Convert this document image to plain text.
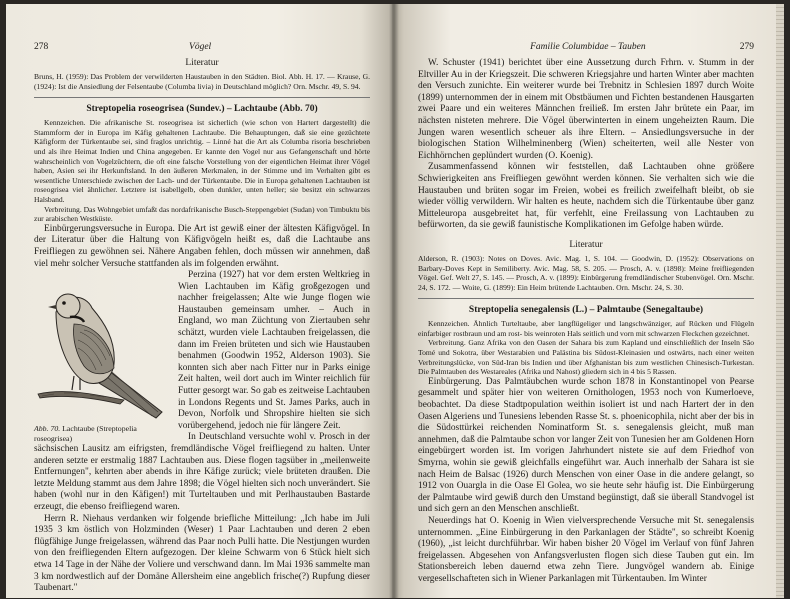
278	Vögel
Literatur

Bruns, H. (1959): Das Problem der verwilderten Haustauben in den Städten. Biol. Abh. H. 17. — Krause, G. (1924): Ist die Ansiedlung der Felsentaube (Columba livia) in Deutschland möglich? Orn. Mschr. 49, S. 94.

Streptopelia roseogrisea (Sundev.) – Lachtaube (Abb. 70)

Kennzeichen. Die afrikanische St. roseogrisea ist sicherlich (wie schon von Hartert dargestellt) die Stammform der in Europa im Käfig gehaltenen Lachtaube. Die Behauptungen, daß sie eine gezüchtete Käfigform der Türkentaube sei, sind fraglos unrichtig. – Linné hat die Art als Columba risoria beschrieben und als ihre Heimat Indien und China angegeben. Er kannte den Vogel nur aus Gefangenschaft und hörte wahrscheinlich von Vogelzüchtern, die oft eine falsche Vorstellung von der eigentlichen Heimat ihrer Vögel haben, Asien sei ihr Herkunftsland. In den äußeren Merkmalen, in der Stimme und im Verhalten gibt es wesentliche Unterschiede zwischen der Lach- und der Türkentaube. Die in Europa gehaltenen Lachtauben ist roseogrisea viel ähnlicher. Letztere ist isabellgelb, oben dunkler, unten heller; sie besitzt ein schwarzes Halsband.

Verbreitung. Das Wohngebiet umfaßt das nordafrikanische Busch-Steppengebiet (Sudan) von Timbuktu bis zur arabischen Westküste.

Einbürgerungsversuche in Europa. Die Art ist gewiß einer der ältesten Käfigvögel. In der Literatur über die Haltung von Käfigvögeln heißt es, daß die Lachtaube ans Freifliegen zu gewöhnen sei. Nähere Angaben fehlen, doch müssen wir annehmen, daß viel mehr solcher Versuche stattfanden als im folgenden erwähnt.

Abb. 70. Lachtaube (Streptopelia roseogrisea)

Perzina (1927) hat vor dem ersten Weltkrieg in Wien Lachtauben im Käfig großgezogen und nachher freigelassen; Alte wie Junge flogen wie Haustauben gemeinsam umher. – Auch in England, wo man Züchtung von Ziertauben sehr schätzt, wurden viele Lachtauben freigelassen, die dann im Freien brüteten und sich wie Haustauben benahmen (Goodwin 1952, Alderson 1903). Sie konnten sich aber nach Fitter nur in Parks einige Zeit halten, weil dort auch im Winter reichlich für Futter gesorgt war. So gab es zeitweise Lachtauben in Londons Regents und St. James Parks, auch in Devon, Norfolk und Shropshire hielten sie sich vorübergehend, jedoch nie für längere Zeit.

In Deutschland versuchte wohl v. Prosch in der sächsischen Lausitz am eifrigsten, fremdländische Vögel freifliegend zu halten. Unter anderen setzte er erstmalig 1887 Lachtauben aus. Diese flogen tagsüber in „meilenweite Entfernungen", kehrten aber abends in ihre Käfige zurück; viele brüteten draußen. Die letzte Meldung stammt aus dem Jahre 1898; die Vögel hielten sich noch unverändert. Sie haben (wohl nur in den Käfigen!) mit Turteltauben und mit Perlhaustauben Bastarde erzeugt, die ebenso freifliegend waren.

Herrn R. Niehaus verdanken wir folgende briefliche Mitteilung: „Ich habe im Juli 1935 3 km östlich von Holzminden (Weser) 1 Paar Lachtauben und deren 2 eben flügfähige Junge freigelassen, während das Paar noch Pulli hatte. Die Nestjungen wurden von den freifliegenden Eltern aufgezogen. Der kleine Schwarm von 6 Stück hielt sich etwa 14 Tage in der Nähe der Voliere und verschwand dann. Im Mai 1936 sammelte man 3 km nordwestlich auf der Domäne Allersheim eine angeblich frische(?) Rupfung dieser Taubenart."

Familie Columbidae – Tauben	279

W. Schuster (1941) berichtet über eine Aussetzung durch Frhrn. v. Stumm in der Eltviller Au in der Kriegszeit. Die schweren Kriegsjahre und harten Winter aber machten den Versuch zunichte. Ein weiterer wurde bei Trebnitz in Schlesien 1897 durch Woite (1899) unternommen der in einem mit Obstbäumen und Fichten bestandenen Hausgarten zwei Paare und ein weiteres Männchen freiließ. Im ersten Jahr brütete ein Paar, im nächsten nisteten mehrere. Die Vögel überwinterten in einem ungeheizten Raum. Die Jungen waren wesentlich scheuer als ihre Eltern. – Ansiedlungsversuche in der biologischen Station Wilhelminenberg (Wien) scheiterten, weil alle Nester von Eichhörnchen geplündert wurden (O. Koenig).

Zusammenfassend können wir feststellen, daß Lachtauben ohne größere Schwierigkeiten ans Freifliegen gewöhnt werden können. Sie verhalten sich wie die Haustauben und brüten sogar im Freien, wobei es freilich zweifelhaft bleibt, ob sie wieder völlig verwildern. Wir halten es heute, nachdem sich die Türkentaube über ganz Mitteleuropa ausgebreitet hat, für verfehlt, eine Freilassung von Lachtauben zu befürworten, da sie gewiß faunistische Komplikationen im Gefolge haben würde.

Literatur

Alderson, R. (1903): Notes on Doves. Avic. Mag. 1, S. 104. — Goodwin, D. (1952): Observations on Barbary-Doves Kept in Semiliberty. Avic. Mag. 58, S. 205. — Prosch, A. v. (1898): Meine freifliegenden Vögel. Gef. Welt 27, S. 145. — Prosch, A. v. (1899): Einbürgerung fremdländischer Stubenvögel. Orn. Mschr. 24, S. 172. — Woite, G. (1899): Ein Heim brütende Lachtauben. Orn. Mschr. 24, S. 30.

Streptopelia senegalensis (L.) – Palmtaube (Senegaltaube)

Kennzeichen. Ähnlich Turteltaube, aber langflügeliger und langschwänziger, auf Rücken und Flügeln einfarbiger rostbraun und am rost- bis weinroten Hals seitlich und vorn mit schwarzen Fleckchen gezeichnet.

Verbreitung. Ganz Afrika von den Oasen der Sahara bis zum Kapland und einschließlich der Inseln São Tomé und Sokotra, über Westarabien und Palästina bis Südost-Kleinasien und ostwärts, nach einer weiten Verbreitungslücke, von Süd-Iran bis Indien und über Afghanistan bis zum westlichen Chinesisch-Turkestan. Die Palmtauben des Westareales (Afrika und Nahost) gliedern sich in 4 bis 5 Rassen.

Einbürgerung. Das Palmtäubchen wurde schon 1878 in Konstantinopel von Pearse gesammelt und später hier von weiteren Ornithologen, 1953 noch von Kumerloeve, beobachtet. Da diese Stadtpopulation weithin isoliert ist und nach Hartert der in den Oasen Algeriens und Tunesiens lebenden Rasse St. s. phoenicophila, nicht aber der bis in die Südosttürkei reichenden Nominatform St. s. senegalensis gleicht, muß man annehmen, daß die Palmtaube schon vor langer Zeit von Tunesien her am Goldenen Horn eingebürgert worden ist. Im vorigen Jahrhundert nistete sie auf dem Friedhof von Smyrna, wohin sie gewiß gleichfalls eingeführt war. Auch innerhalb der Sahara ist sie nach Heim de Balsac (1926) durch Menschen von einer Oase in die andere gelangt, so 1912 von Ouargla in die Oase El Golea, wo sie heute sehr häufig ist. Die Einbürgerung der Palmtaube wird gewiß durch den Umstand begünstigt, daß sie überall Standvogel ist und sich gern an den Menschen anschließt.

Neuerdings hat O. Koenig in Wien vielversprechende Versuche mit St. senegalensis unternommen. „Eine Einbürgerung in den Parkanlagen der Städte", so schreibt Koenig (1960), „ist leicht durchführbar. Wir haben bisher 20 Vögel im Verlauf von fünf Jahren freigelassen. Abgesehen von Anfangsverlusten flogen sich diese Tauben gut ein. Im Stationsbereich leben dauernd etwa zehn Tiere. Jungvögel wandern ab. Einige vergesellschafteten sich in Wiener Parkanlagen mit Türkentauben. Im Winter
